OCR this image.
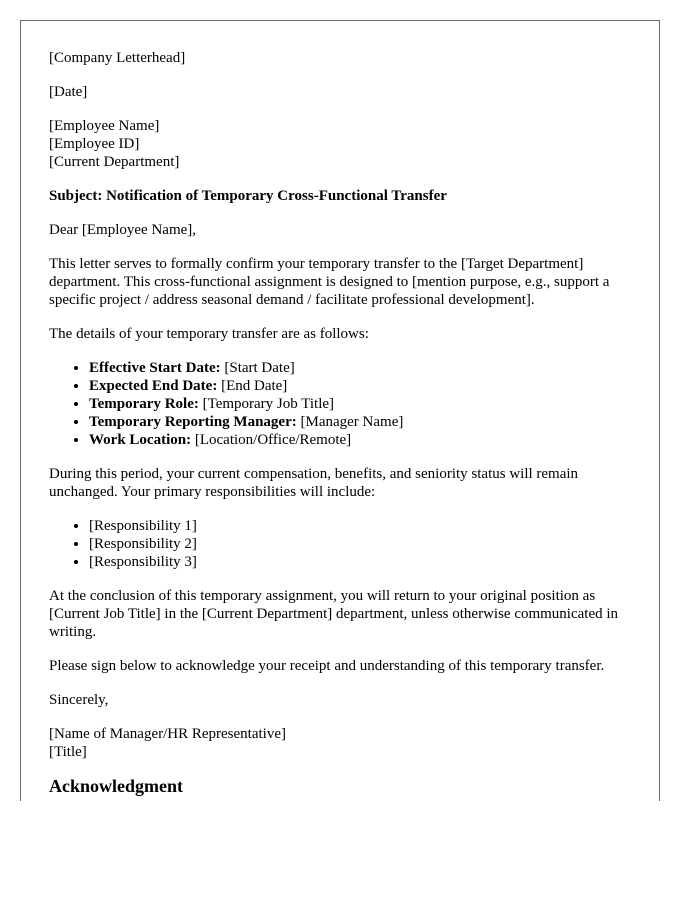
[Company Letterhead]

[Date]

[Employee Name]
[Employee ID]
[Current Department]

Subject: Notification of Temporary Cross-Functional Transfer

Dear [Employee Name],

This letter serves to formally confirm your temporary transfer to the [Target Department] department. This cross-functional assignment is designed to [mention purpose, e.g., support a specific project / address seasonal demand / facilitate professional development].

The details of your temporary transfer are as follows:

• Effective Start Date: [Start Date]
• Expected End Date: [End Date]
• Temporary Role: [Temporary Job Title]
• Temporary Reporting Manager: [Manager Name]
• Work Location: [Location/Office/Remote]

During this period, your current compensation, benefits, and seniority status will remain unchanged. Your primary responsibilities will include:

• [Responsibility 1]
• [Responsibility 2]
• [Responsibility 3]

At the conclusion of this temporary assignment, you will return to your original position as [Current Job Title] in the [Current Department] department, unless otherwise communicated in writing.

Please sign below to acknowledge your receipt and understanding of this temporary transfer.

Sincerely,

[Name of Manager/HR Representative]
[Title]

Acknowledgment
